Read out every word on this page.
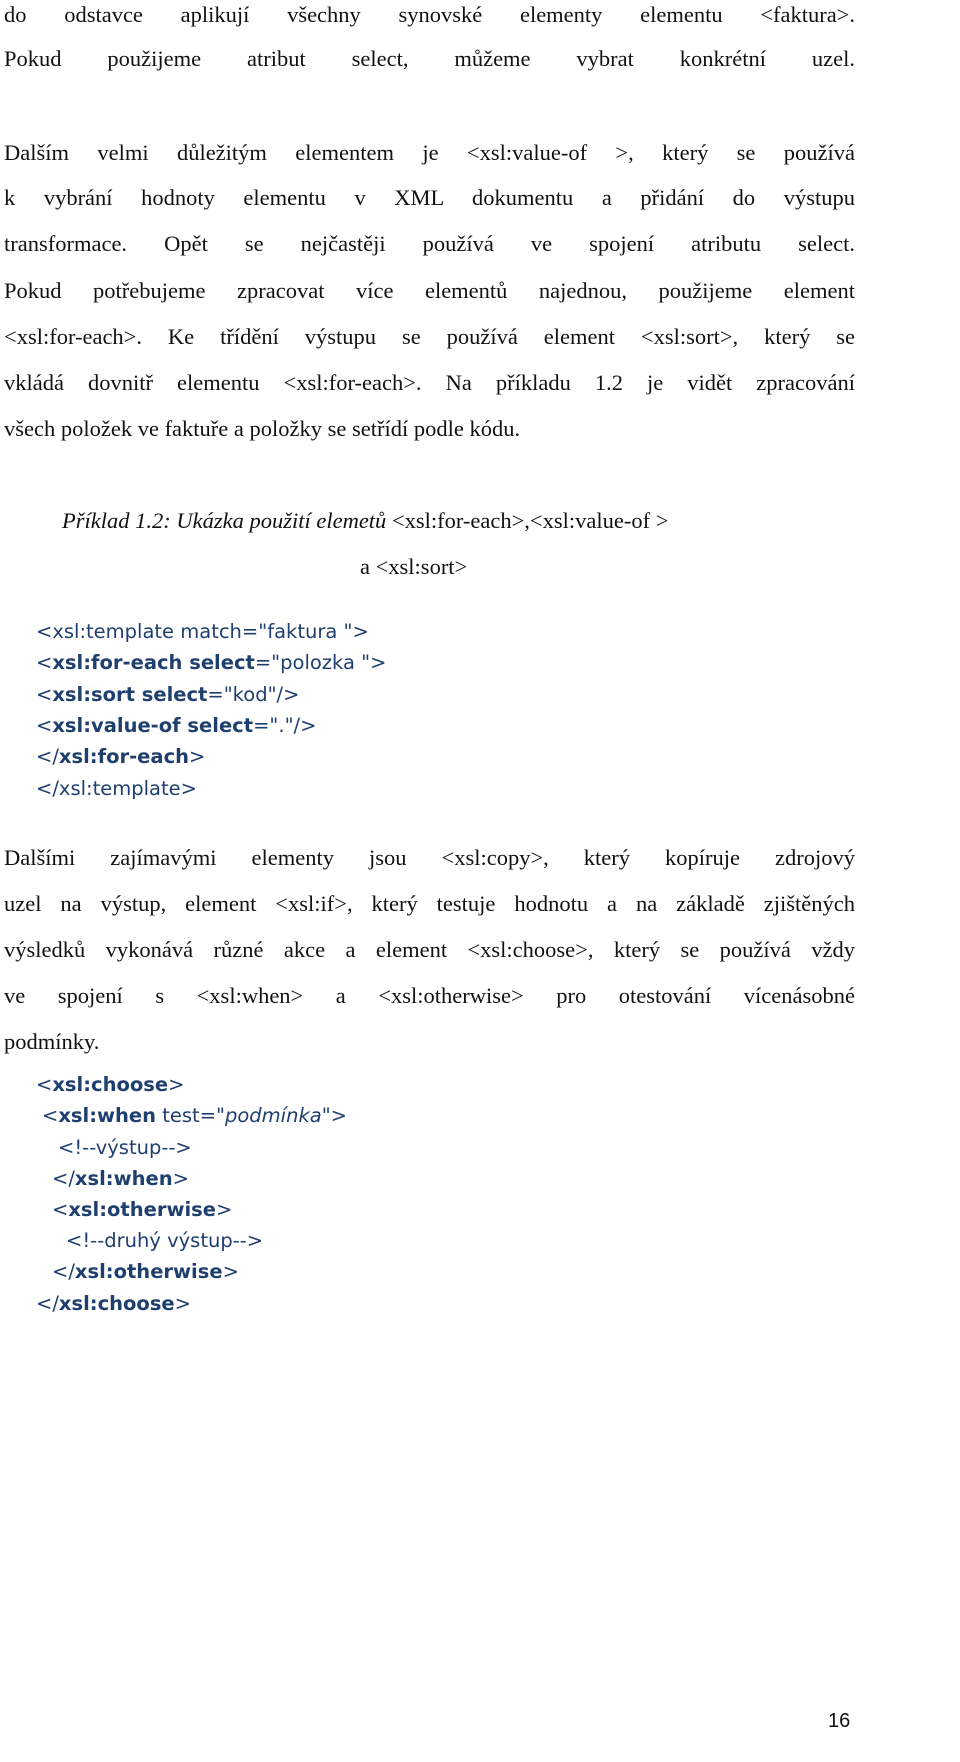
do odstavce aplikují všechny synovské elementy elementu <faktura>.
Pokud použijeme atribut select, můžeme vybrat konkrétní uzel.
Dalším velmi důležitým elementem je <xsl:value-of >, který se používá
k vybrání hodnoty elementu v XML dokumentu a přidání do výstupu
transformace. Opět se nejčastěji používá ve spojení atributu select.
Pokud potřebujeme zpracovat více elementů najednou, použijeme element
<xsl:for-each>. Ke třídění výstupu se používá element <xsl:sort>, který se
vkládá dovnitř elementu <xsl:for-each>. Na příkladu 1.2 je vidět zpracování
všech položek ve faktuře a položky se setřídí podle kódu.
Příklad 1.2: Ukázka použití elemetů <xsl:for-each>,<xsl:value-of >
a <xsl:sort>
<xsl:template match="faktura ">
<xsl:for-each select="polozka ">
<xsl:sort select="kod"/>
<xsl:value-of select="."/>
</xsl:for-each>
</xsl:template>
Dalšími zajímavými elementy jsou <xsl:copy>, který kopíruje zdrojový
uzel na výstup, element <xsl:if>, který testuje hodnotu a na základě zjištěných
výsledků vykonává různé akce a element <xsl:choose>, který se používá vždy
ve spojení s <xsl:when> a <xsl:otherwise> pro otestování vícenásobné
podmínky.
<xsl:choose>
<xsl:when test="podmínka">
<!--výstup-->
</xsl:when>
<xsl:otherwise>
<!--druhý výstup-->
</xsl:otherwise>
</xsl:choose>
16
